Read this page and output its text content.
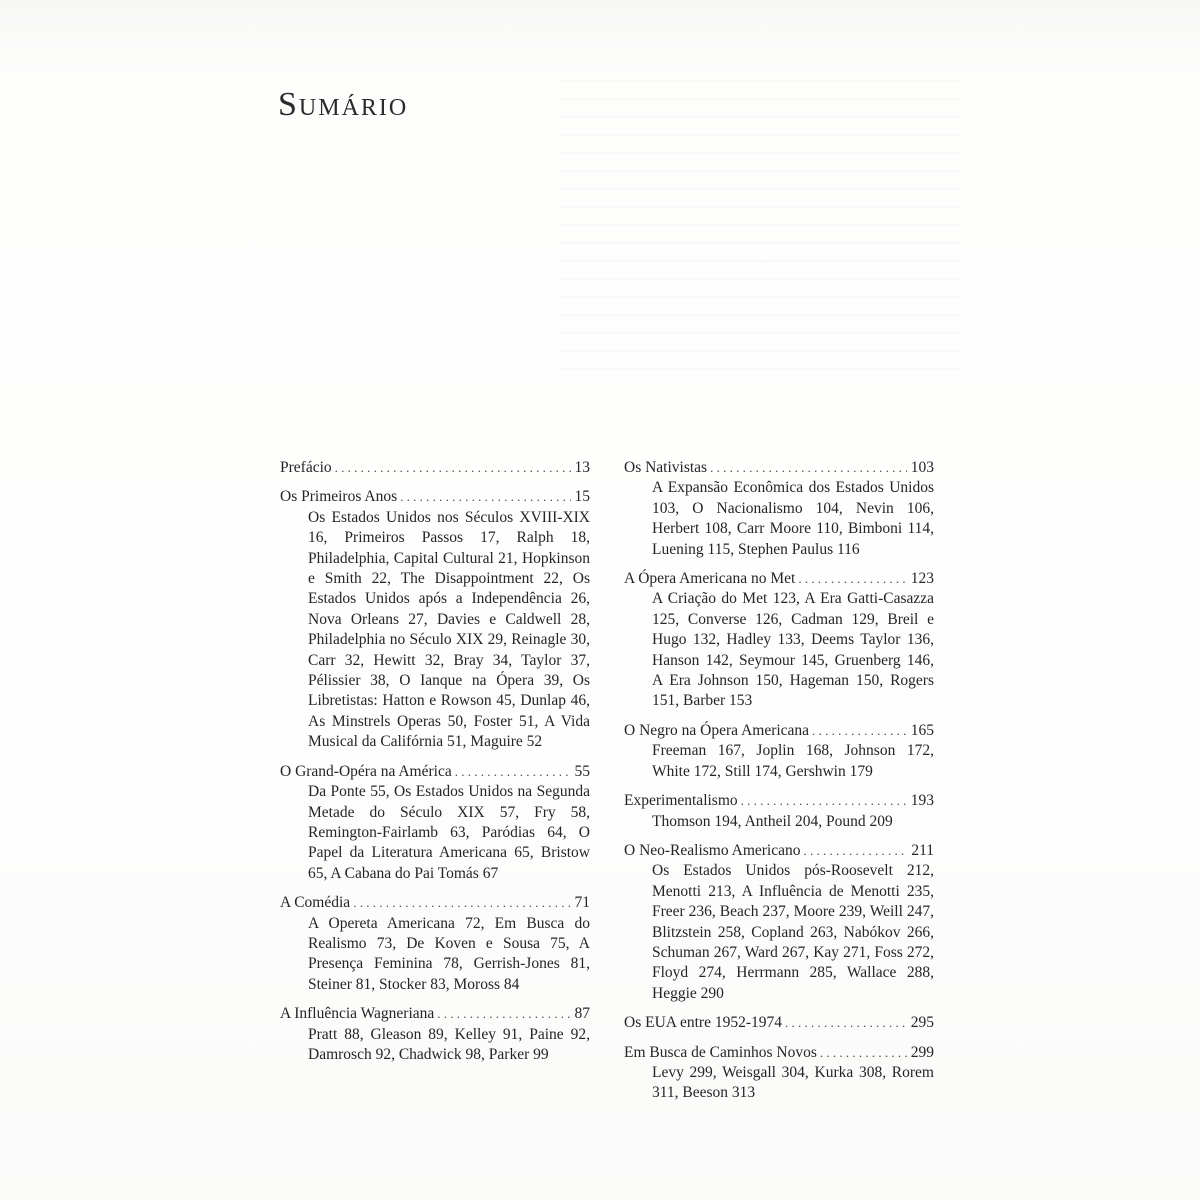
Sumário
Prefácio . . .	13
Os Primeiros Anos . . .	15
Os Estados Unidos nos Séculos XVIII-XIX 16, Primeiros Passos 17, Ralph 18, Philadelphia, Capital Cultural 21, Hopkinson e Smith 22, The Disappointment 22, Os Estados Unidos após a Independência 26, Nova Orleans 27, Davies e Caldwell 28, Philadelphia no Século XIX 29, Reinagle 30, Carr 32, Hewitt 32, Bray 34, Taylor 37, Pélissier 38, O Ianque na Ópera 39, Os Libretistas: Hatton e Rowson 45, Dunlap 46, As Minstrels Operas 50, Foster 51, A Vida Musical da Califórnia 51, Maguire 52
O Grand-Opéra na América . . .	55
Da Ponte 55, Os Estados Unidos na Segunda Metade do Século XIX 57, Fry 58, Remington-Fairlamb 63, Paródias 64, O Papel da Literatura Americana 65, Bristow 65, A Cabana do Pai Tomás 67
A Comédia . . .	71
A Opereta Americana 72, Em Busca do Realismo 73, De Koven e Sousa 75, A Presença Feminina 78, Gerrish-Jones 81, Steiner 81, Stocker 83, Moross 84
A Influência Wagneriana . . .	87
Pratt 88, Gleason 89, Kelley 91, Paine 92, Damrosch 92, Chadwick 98, Parker 99
Os Nativistas . . .	103
A Expansão Econômica dos Estados Unidos 103, O Nacionalismo 104, Nevin 106, Herbert 108, Carr Moore 110, Bimboni 114, Luening 115, Stephen Paulus 116
A Ópera Americana no Met . . .	123
A Criação do Met 123, A Era Gatti-Casazza 125, Converse 126, Cadman 129, Breil e Hugo 132, Hadley 133, Deems Taylor 136, Hanson 142, Seymour 145, Gruenberg 146, A Era Johnson 150, Hageman 150, Rogers 151, Barber 153
O Negro na Ópera Americana . . .	165
Freeman 167, Joplin 168, Johnson 172, White 172, Still 174, Gershwin 179
Experimentalismo . . .	193
Thomson 194, Antheil 204, Pound 209
O Neo-Realismo Americano . . .	211
Os Estados Unidos pós-Roosevelt 212, Menotti 213, A Influência de Menotti 235, Freer 236, Beach 237, Moore 239, Weill 247, Blitzstein 258, Copland 263, Nabókov 266, Schuman 267, Ward 267, Kay 271, Foss 272, Floyd 274, Herrmann 285, Wallace 288, Heggie 290
Os EUA entre 1952-1974 . . .	295
Em Busca de Caminhos Novos . . .	299
Levy 299, Weisgall 304, Kurka 308, Rorem 311, Beeson 313
